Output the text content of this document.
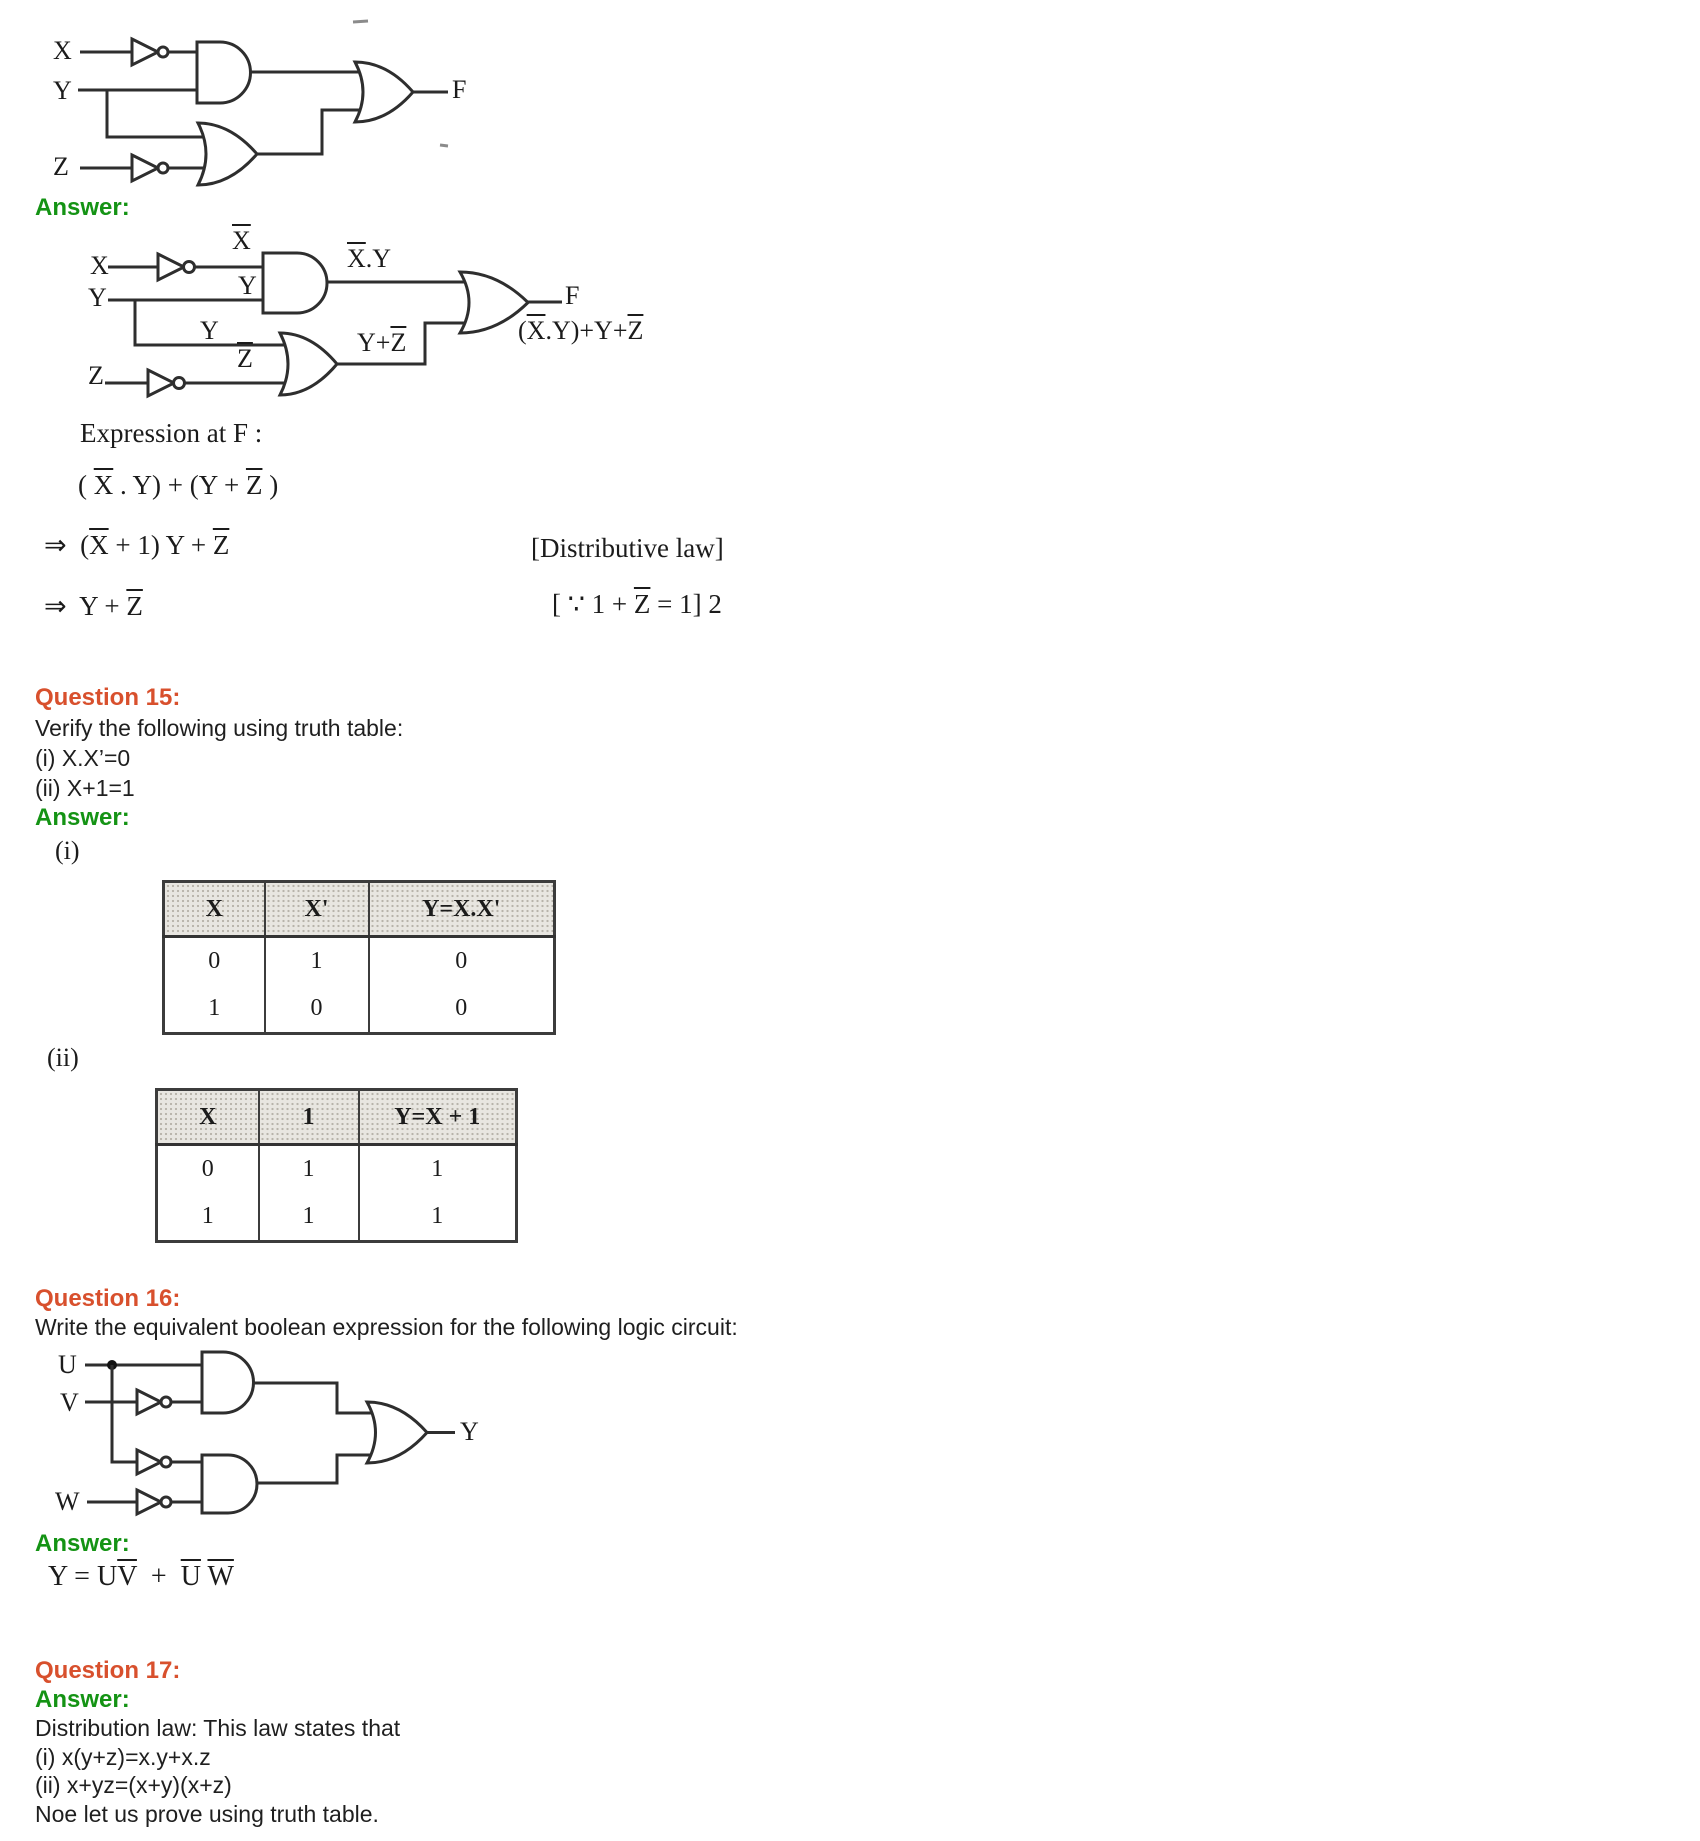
X
Y
Z
F
Answer:
X
$\overline{X}$
Y
Y
Y
$\overline{Z}$
Z
$\overline{X}.Y$
$Y+\overline{Z}$
F
$(\overline{X}.Y)+Y+\overline{Z}$
Expression at F :
( $\overline{X}$ . $Y) + (Y + \overline{Z}$ )
⇒  $(\overline{X} + 1) Y + \overline{Z}$	[Distributive law]
⇒  $Y + \overline{Z}$	[ ∵ $1 + \overline{Z} = 1$] 2
Question 15:
Verify the following using truth table:
(i) X.X’=0
(ii) X+1=1
Answer:
(i)
X	X'	Y=X.X'
0	1	0
1	0	0
(ii)
X	1	Y=X + 1
0	1	1
1	1	1
Question 16:
Write the equivalent boolean expression for the following logic circuit:
U
V
W
Y
Answer:
$Y = U\overline{V} + \overline{U}$ $\overline{W}$
Question 17:
Answer:
Distribution law: This law states that
(i) x(y+z)=x.y+x.z
(ii) x+yz=(x+y)(x+z)
Noe let us prove using truth table.
